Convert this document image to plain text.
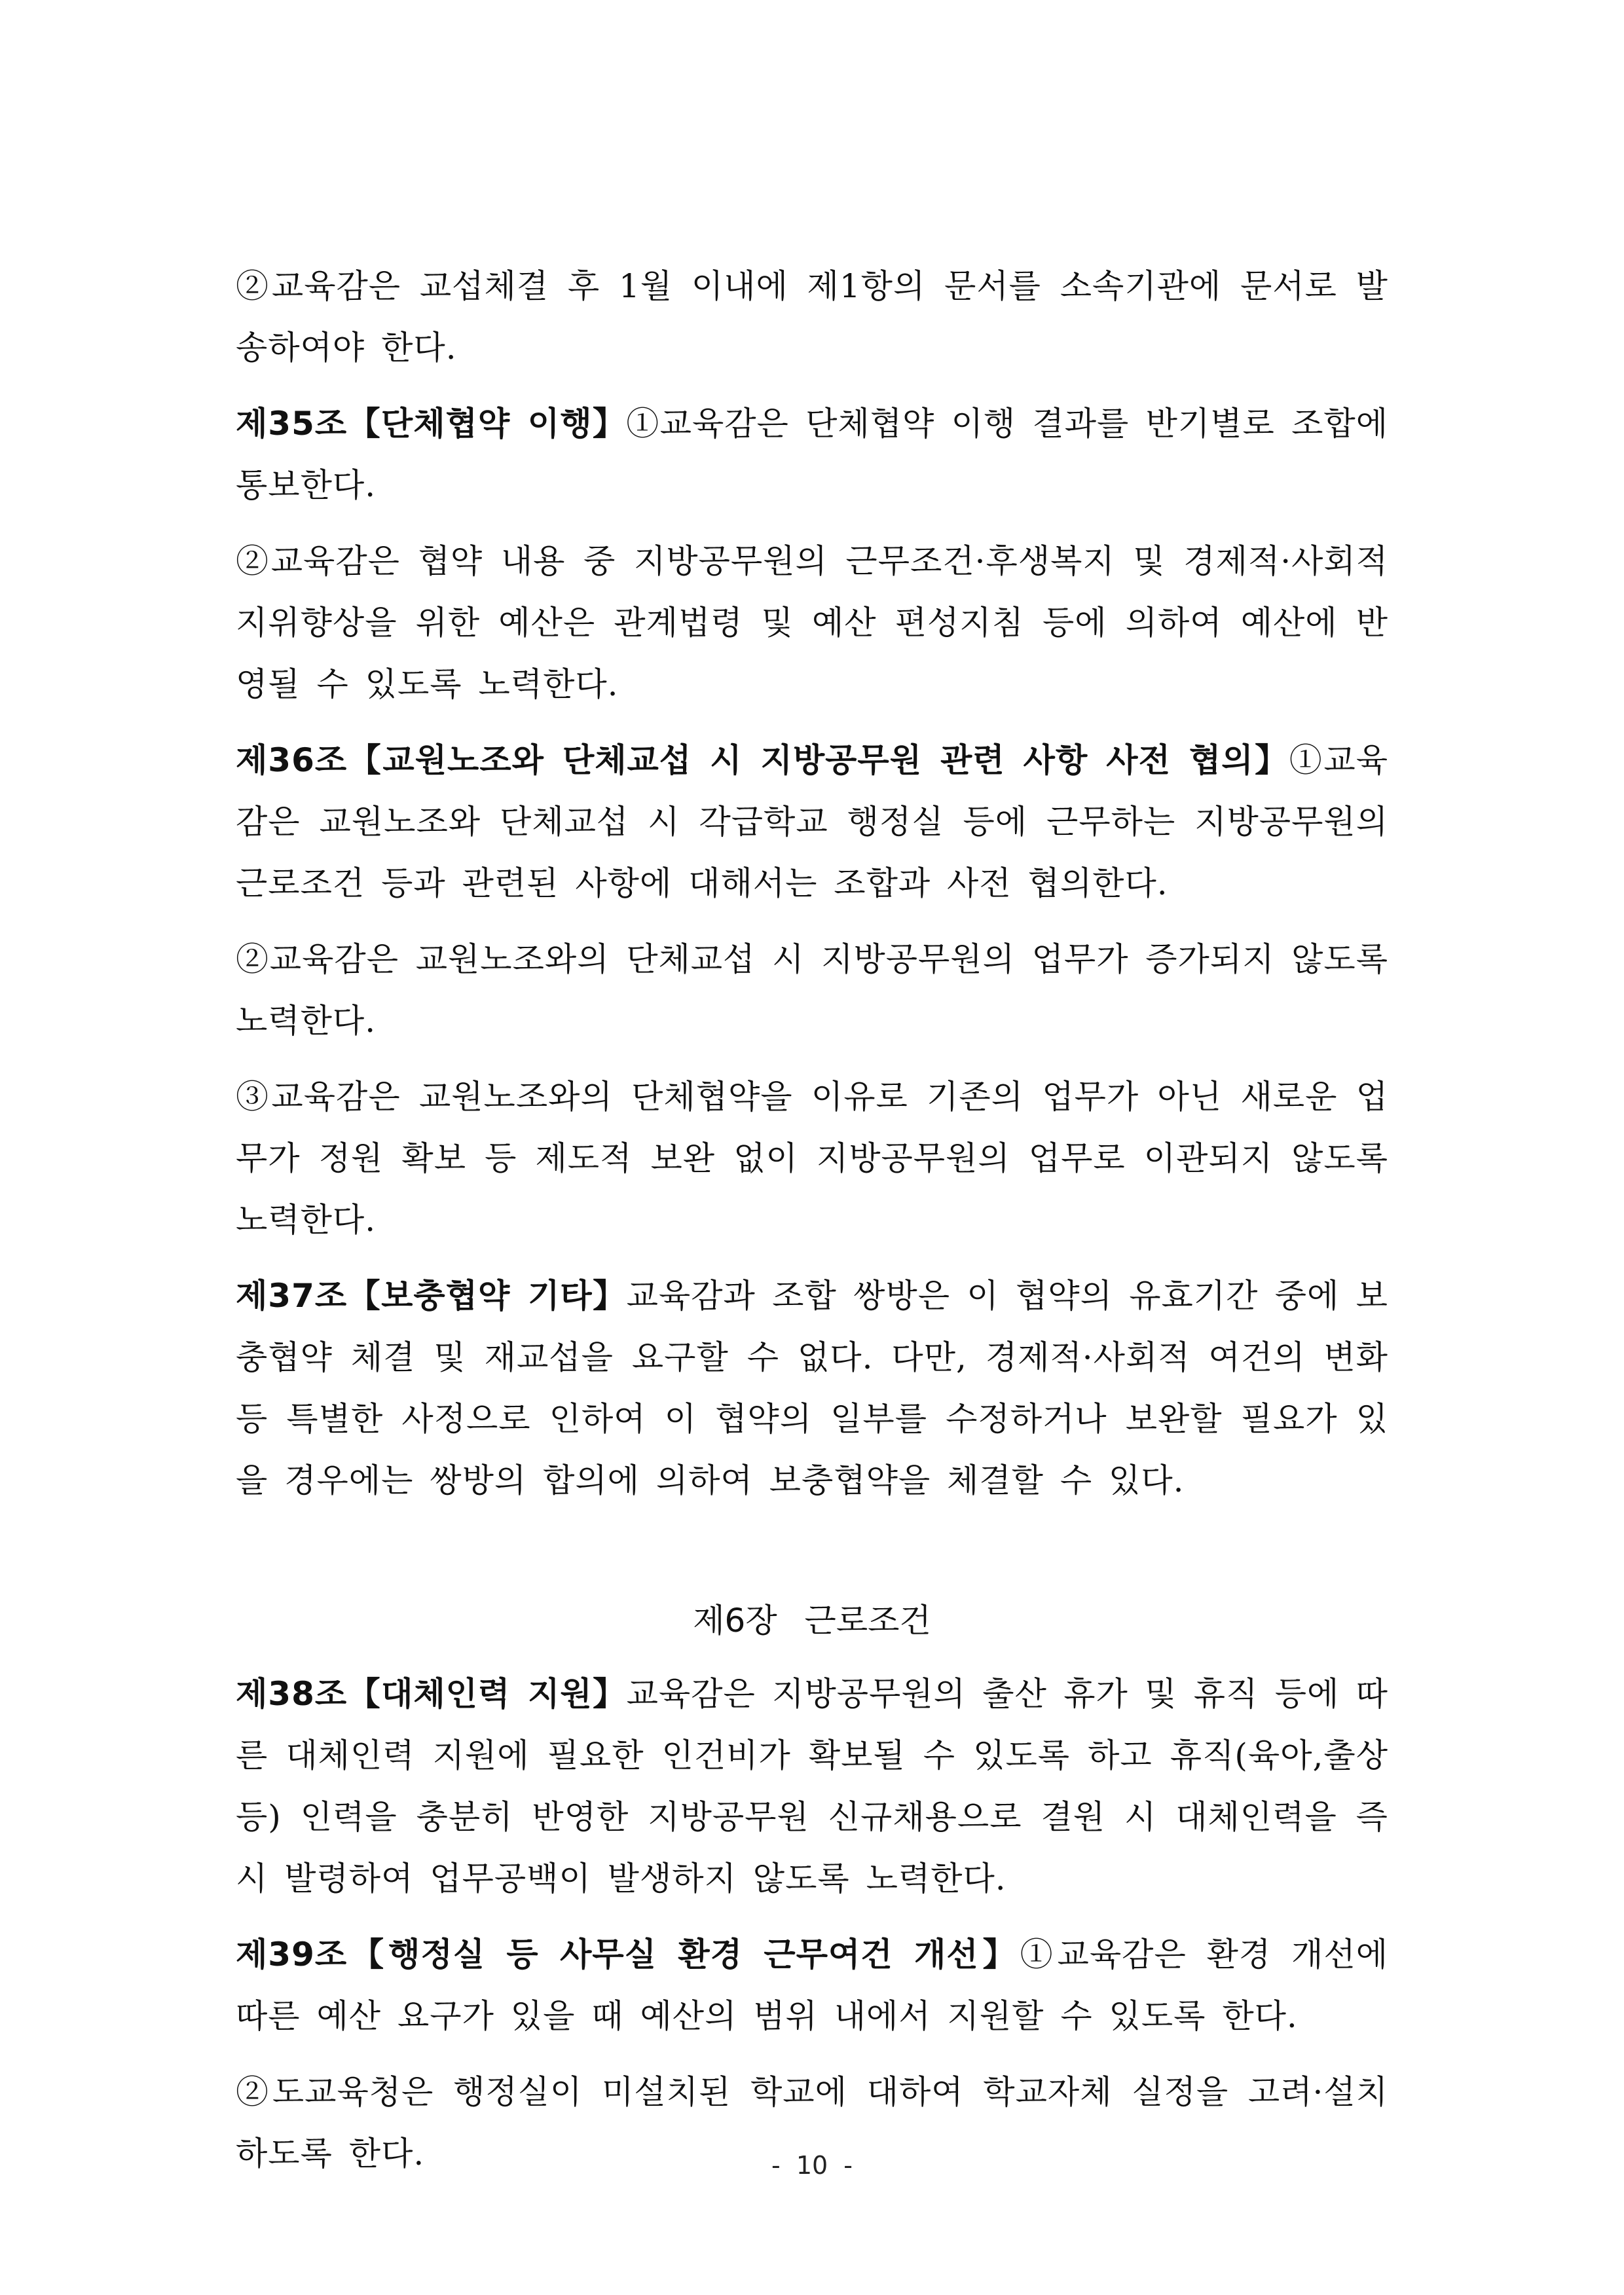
②교육감은 교섭체결 후 1월 이내에 제1항의 문서를 소속기관에 문서로 발송하여야 한다.

제35조【단체협약 이행】①교육감은 단체협약 이행 결과를 반기별로 조합에 통보한다.

②교육감은 협약 내용 중 지방공무원의 근무조건·후생복지 및 경제적·사회적 지위향상을 위한 예산은 관계법령 및 예산 편성지침 등에 의하여 예산에 반영될 수 있도록 노력한다.

제36조【교원노조와 단체교섭 시 지방공무원 관련 사항 사전 협의】①교육감은 교원노조와 단체교섭 시 각급학교 행정실 등에 근무하는 지방공무원의 근로조건 등과 관련된 사항에 대해서는 조합과 사전 협의한다.

②교육감은 교원노조와의 단체교섭 시 지방공무원의 업무가 증가되지 않도록 노력한다.

③교육감은 교원노조와의 단체협약을 이유로 기존의 업무가 아닌 새로운 업무가 정원 확보 등 제도적 보완 없이 지방공무원의 업무로 이관되지 않도록 노력한다.

제37조【보충협약 기타】교육감과 조합 쌍방은 이 협약의 유효기간 중에 보충협약 체결 및 재교섭을 요구할 수 없다. 다만, 경제적·사회적 여건의 변화 등 특별한 사정으로 인하여 이 협약의 일부를 수정하거나 보완할 필요가 있을 경우에는 쌍방의 합의에 의하여 보충협약을 체결할 수 있다.

제6장 근로조건

제38조【대체인력 지원】교육감은 지방공무원의 출산 휴가 및 휴직 등에 따른 대체인력 지원에 필요한 인건비가 확보될 수 있도록 하고 휴직(육아,출상 등) 인력을 충분히 반영한 지방공무원 신규채용으로 결원 시 대체인력을 즉시 발령하여 업무공백이 발생하지 않도록 노력한다.

제39조【행정실 등 사무실 환경 근무여건 개선】①교육감은 환경 개선에 따른 예산 요구가 있을 때 예산의 범위 내에서 지원할 수 있도록 한다.

②도교육청은 행정실이 미설치된 학교에 대하여 학교자체 실정을 고려·설치하도록 한다.	- 10 -
